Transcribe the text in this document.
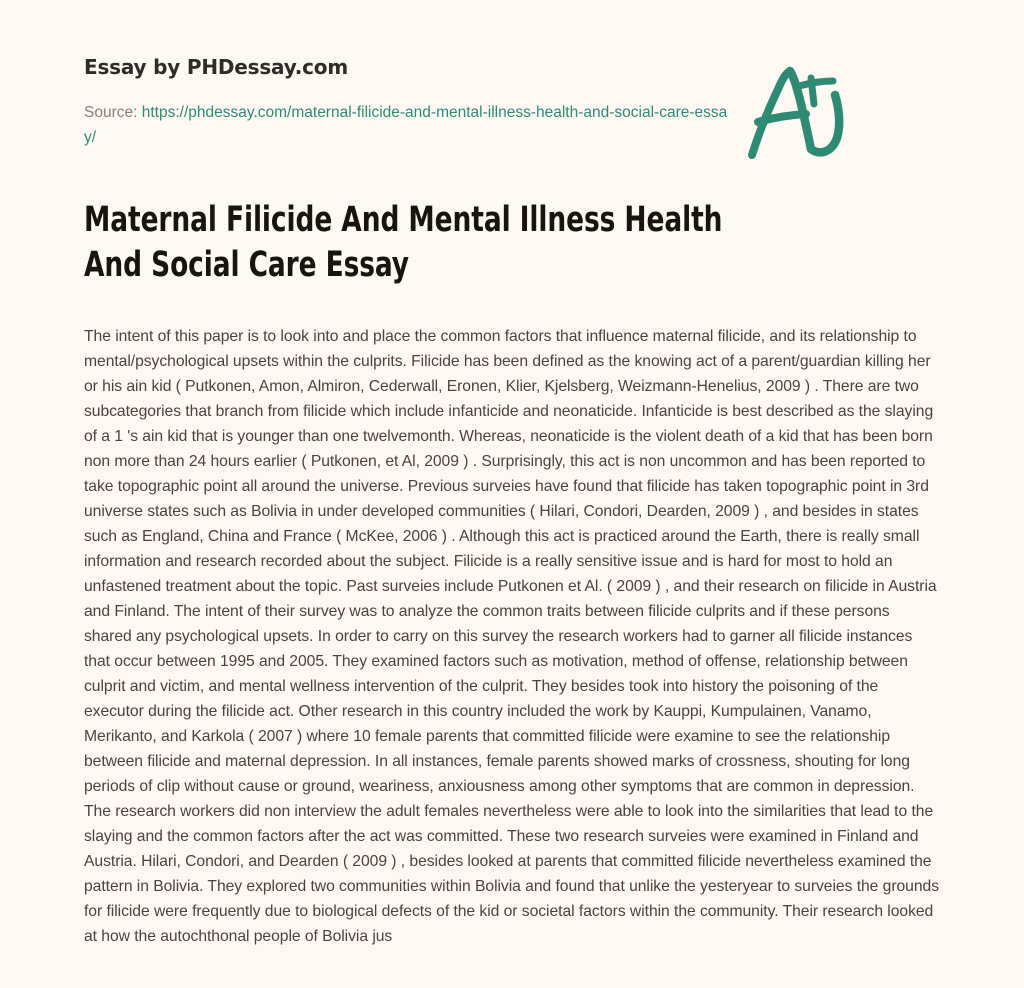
Essay by PHDessay.com
Source: https://phdessay.com/maternal-filicide-and-mental-illness-health-and-social-care-essay/
Maternal Filicide And Mental Illness Health And Social Care Essay

The intent of this paper is to look into and place the common factors that influence maternal filicide, and its relationship to mental/psychological upsets within the culprits. Filicide has been defined as the knowing act of a parent/guardian killing her or his ain kid ( Putkonen, Amon, Almiron, Cederwall, Eronen, Klier, Kjelsberg, Weizmann-Henelius, 2009 ) . There are two subcategories that branch from filicide which include infanticide and neonaticide. Infanticide is best described as the slaying of a 1 's ain kid that is younger than one twelvemonth. Whereas, neonaticide is the violent death of a kid that has been born non more than 24 hours earlier ( Putkonen, et Al, 2009 ) . Surprisingly, this act is non uncommon and has been reported to take topographic point all around the universe. Previous surveies have found that filicide has taken topographic point in 3rd universe states such as Bolivia in under developed communities ( Hilari, Condori, Dearden, 2009 ) , and besides in states such as England, China and France ( McKee, 2006 ) . Although this act is practiced around the Earth, there is really small information and research recorded about the subject. Filicide is a really sensitive issue and is hard for most to hold an unfastened treatment about the topic. Past surveies include Putkonen et Al. ( 2009 ) , and their research on filicide in Austria and Finland. The intent of their survey was to analyze the common traits between filicide culprits and if these persons shared any psychological upsets. In order to carry on this survey the research workers had to garner all filicide instances that occur between 1995 and 2005. They examined factors such as motivation, method of offense, relationship between culprit and victim, and mental wellness intervention of the culprit. They besides took into history the poisoning of the executor during the filicide act. Other research in this country included the work by Kauppi, Kumpulainen, Vanamo, Merikanto, and Karkola ( 2007 ) where 10 female parents that committed filicide were examine to see the relationship between filicide and maternal depression. In all instances, female parents showed marks of crossness, shouting for long periods of clip without cause or ground, weariness, anxiousness among other symptoms that are common in depression. The research workers did non interview the adult females nevertheless were able to look into the similarities that lead to the slaying and the common factors after the act was committed. These two research surveies were examined in Finland and Austria. Hilari, Condori, and Dearden ( 2009 ) , besides looked at parents that committed filicide nevertheless examined the pattern in Bolivia. They explored two communities within Bolivia and found that unlike the yesteryear to surveies the grounds for filicide were frequently due to biological defects of the kid or societal factors within the community. Their research looked at how the autochthonal people of Bolivia jus
